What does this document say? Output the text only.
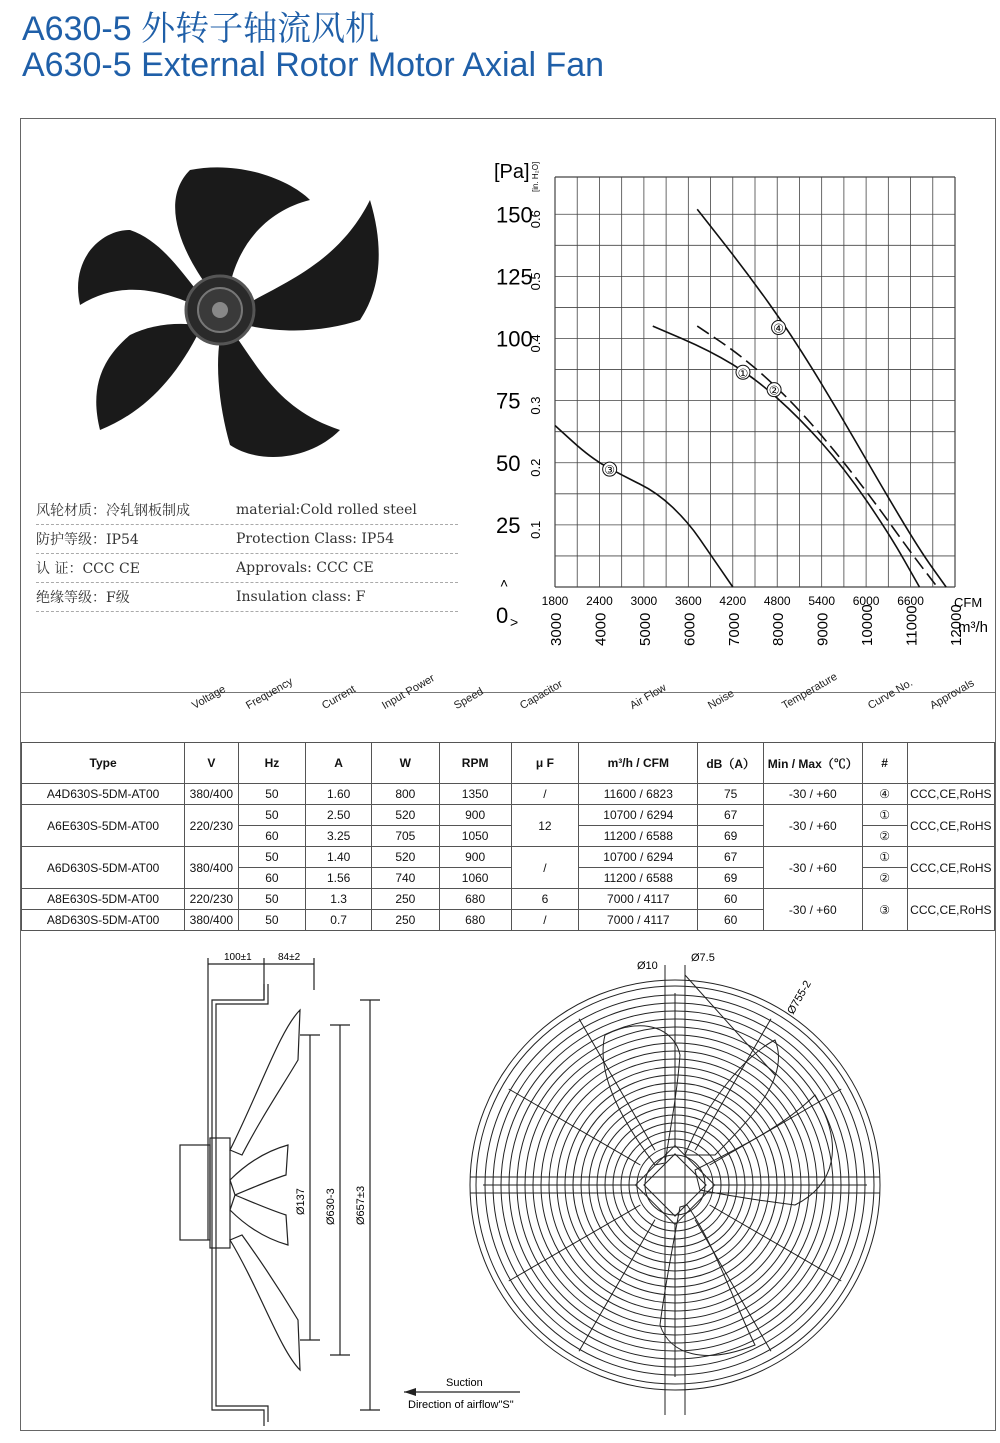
A630-5 外转子轴流风机
A630-5 External Rotor Motor Axial Fan
风轮材质：冷轧钢板制成	material:Cold rolled steel
防护等级：IP54	Protection Class: IP54
认 证：CCC CE	Approvals: CCC CE
绝缘等级：F级	Insulation class: F
[Pa] [in. H₂O]
150
125
100
75
50
25
0
0.6
0.5
0.4
0.3
0.2
0.1
1800 2400 3000 3600 4200 4800 5400 6000 6600
3000 4000 5000 6000 7000 8000 9000 10000 11000 12000
①
②
③
④
CFM
m³/h
˄
˃
Voltage Frequency Current Input Power Speed	Capacitor	Air Flow	Noise	Temperature Curve No. Approvals
Type	V	Hz	A	W	RPM	μ F	m³/h / CFM	dB（A）	Min / Max（℃）	#	
A4D630S-5DM-AT00	380/400	50	1.60	800	1350	/	11600 / 6823	75	-30 / +60	④	CCC,CE,RoHS
A6E630S-5DM-AT00	220/230	50	2.50	520	900	12	10700 / 6294	67	-30 / +60	①	CCC,CE,RoHS
		60	3.25	705	1050		11200 / 6588	69		②	
A6D630S-5DM-AT00	380/400	50	1.40	520	900	/	10700 / 6294	67	-30 / +60	①	CCC,CE,RoHS
		60	1.56	740	1060		11200 / 6588	69		②	
A8E630S-5DM-AT00	220/230	50	1.3	250	680	6	7000 / 4117	60	-30 / +60	③	CCC,CE,RoHS
A8D630S-5DM-AT00	380/400	50	0.7	250	680	/	7000 / 4117	60			
100±1	84±2
Ø137 Ø630-3 Ø657±3
Suction
Direction of airflow"S"
Ø10
Ø7.5
Ø755-2
